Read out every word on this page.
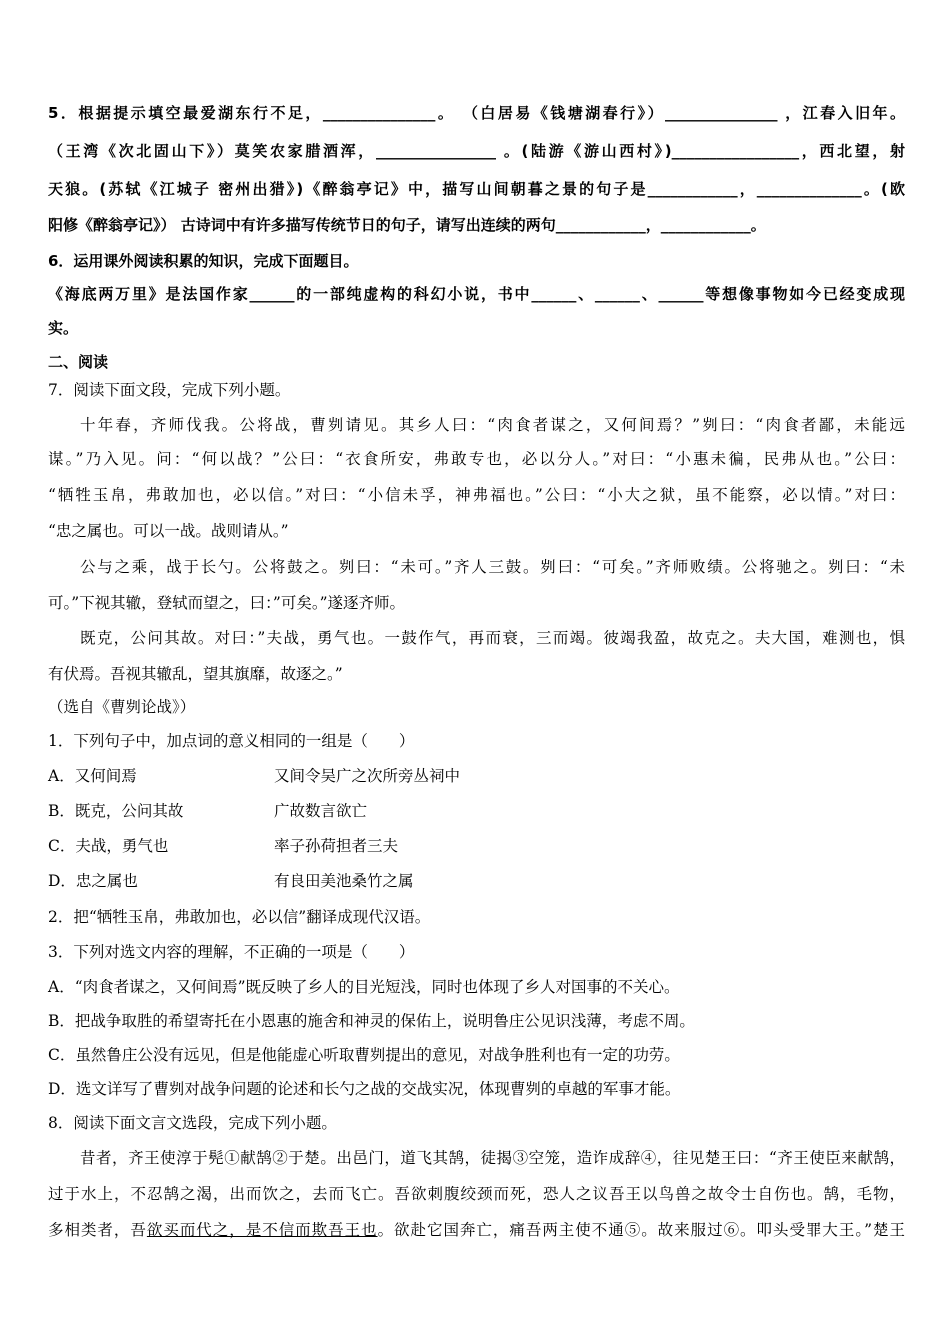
5．根据提示填空最爱湖东行不足，_______________。 （白居易《钱塘湖春行》）_______________ ，江春入旧年。
（王湾《次北固山下》）莫笑农家腊酒浑，________________ 。(陆游《游山西村》)_________________，西北望，射
天狼。(苏轼《江城子 密州出猎》)《醉翁亭记》中，描写山间朝暮之景的句子是____________，______________。(欧
阳修《醉翁亭记》） 古诗词中有许多描写传统节日的句子，请写出连续的两句____________，____________。
6．运用课外阅读积累的知识，完成下面题目。
《海底两万里》是法国作家______的一部纯虚构的科幻小说，书中______、______、______等想像事物如今已经变成现
实。
二、阅读
7．阅读下面文段，完成下列小题。
十年春，齐师伐我。公将战，曹刿请见。其乡人曰：“肉食者谋之，又何间焉？”刿曰：“肉食者鄙，未能远
谋。”乃入见。问：“何以战？”公曰：“衣食所安，弗敢专也，必以分人。”对曰：“小惠未徧，民弗从也。”公曰：
“牺牲玉帛，弗敢加也，必以信。”对曰：“小信未孚，神弗福也。”公曰：“小大之狱，虽不能察，必以情。”对曰：
“忠之属也。可以一战。战则请从。”
公与之乘，战于长勺。公将鼓之。刿曰：“未可。”齐人三鼓。刿曰：“可矣。”齐师败绩。公将驰之。刿曰：“未
可。”下视其辙，登轼而望之，曰：”可矣。”遂逐齐师。
既克，公问其故。对曰：”夫战，勇气也。一鼓作气，再而衰，三而竭。彼竭我盈，故克之。夫大国，难测也，惧
有伏焉。吾视其辙乱，望其旗靡，故逐之。”
（选自《曹刿论战》）
1．下列句子中，加点词的意义相同的一组是（　　）
A．又何间焉	又间令吴广之次所旁丛祠中
B．既克，公问其故	广故数言欲亡
C．夫战，勇气也	率子孙荷担者三夫
D．忠之属也	有良田美池桑竹之属
2．把“牺牲玉帛，弗敢加也，必以信”翻译成现代汉语。
3．下列对选文内容的理解，不正确的一项是（　　）
A．“肉食者谋之，又何间焉”既反映了乡人的目光短浅，同时也体现了乡人对国事的不关心。
B．把战争取胜的希望寄托在小恩惠的施舍和神灵的保佑上，说明鲁庄公见识浅薄，考虑不周。
C．虽然鲁庄公没有远见，但是他能虚心听取曹刿提出的意见，对战争胜利也有一定的功劳。
D．选文详写了曹刿对战争问题的论述和长勺之战的交战实况，体现曹刿的卓越的军事才能。
8．阅读下面文言文选段，完成下列小题。
昔者，齐王使淳于髡①献鹄②于楚。出邑门，道飞其鹄，徒揭③空笼，造诈成辞④，往见楚王曰：“齐王使臣来献鹄，
过于水上，不忍鹄之渴，出而饮之，去而飞亡。吾欲刺腹绞颈而死，恐人之议吾王以鸟兽之故令士自伤也。鹄，毛物，
多相类者，吾欲买而代之，是不信而欺吾王也。欲赴它国奔亡，痛吾两主使不通⑤。故来服过⑥。叩头受罪大王。”楚王
